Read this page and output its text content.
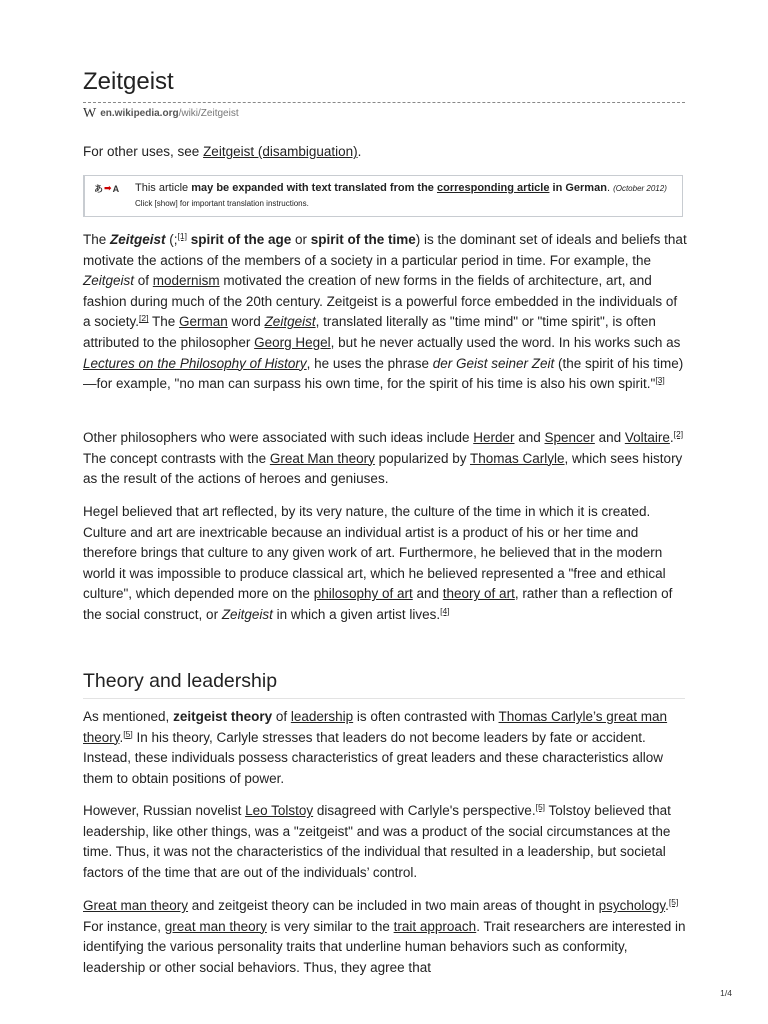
Zeitgeist
W en.wikipedia.org/wiki/Zeitgeist
For other uses, see Zeitgeist (disambiguation).
あ ➡ A This article may be expanded with text translated from the corresponding article in German. (October 2012) Click [show] for important translation instructions.

The Zeitgeist (;[1] spirit of the age or spirit of the time) is the dominant set of ideals and beliefs that motivate the actions of the members of a society in a particular period in time. For example, the Zeitgeist of modernism motivated the creation of new forms in the fields of architecture, art, and fashion during much of the 20th century. Zeitgeist is a powerful force embedded in the individuals of a society.[2] The German word Zeitgeist, translated literally as "time mind" or "time spirit", is often attributed to the philosopher Georg Hegel, but he never actually used the word. In his works such as Lectures on the Philosophy of History, he uses the phrase der Geist seiner Zeit (the spirit of his time)—for example, "no man can surpass his own time, for the spirit of his time is also his own spirit."[3]

Other philosophers who were associated with such ideas include Herder and Spencer and Voltaire.[2] The concept contrasts with the Great Man theory popularized by Thomas Carlyle, which sees history as the result of the actions of heroes and geniuses.

Hegel believed that art reflected, by its very nature, the culture of the time in which it is created. Culture and art are inextricable because an individual artist is a product of his or her time and therefore brings that culture to any given work of art. Furthermore, he believed that in the modern world it was impossible to produce classical art, which he believed represented a "free and ethical culture", which depended more on the philosophy of art and theory of art, rather than a reflection of the social construct, or Zeitgeist in which a given artist lives.[4]

Theory and leadership

As mentioned, zeitgeist theory of leadership is often contrasted with Thomas Carlyle’s great man theory.[5] In his theory, Carlyle stresses that leaders do not become leaders by fate or accident. Instead, these individuals possess characteristics of great leaders and these characteristics allow them to obtain positions of power.

However, Russian novelist Leo Tolstoy disagreed with Carlyle's perspective.[5] Tolstoy believed that leadership, like other things, was a "zeitgeist" and was a product of the social circumstances at the time. Thus, it was not the characteristics of the individual that resulted in a leadership, but societal factors of the time that are out of the individuals’ control.

Great man theory and zeitgeist theory can be included in two main areas of thought in psychology.[5] For instance, great man theory is very similar to the trait approach. Trait researchers are interested in identifying the various personality traits that underline human behaviors such as conformity, leadership or other social behaviors. Thus, they agree that

1/4
